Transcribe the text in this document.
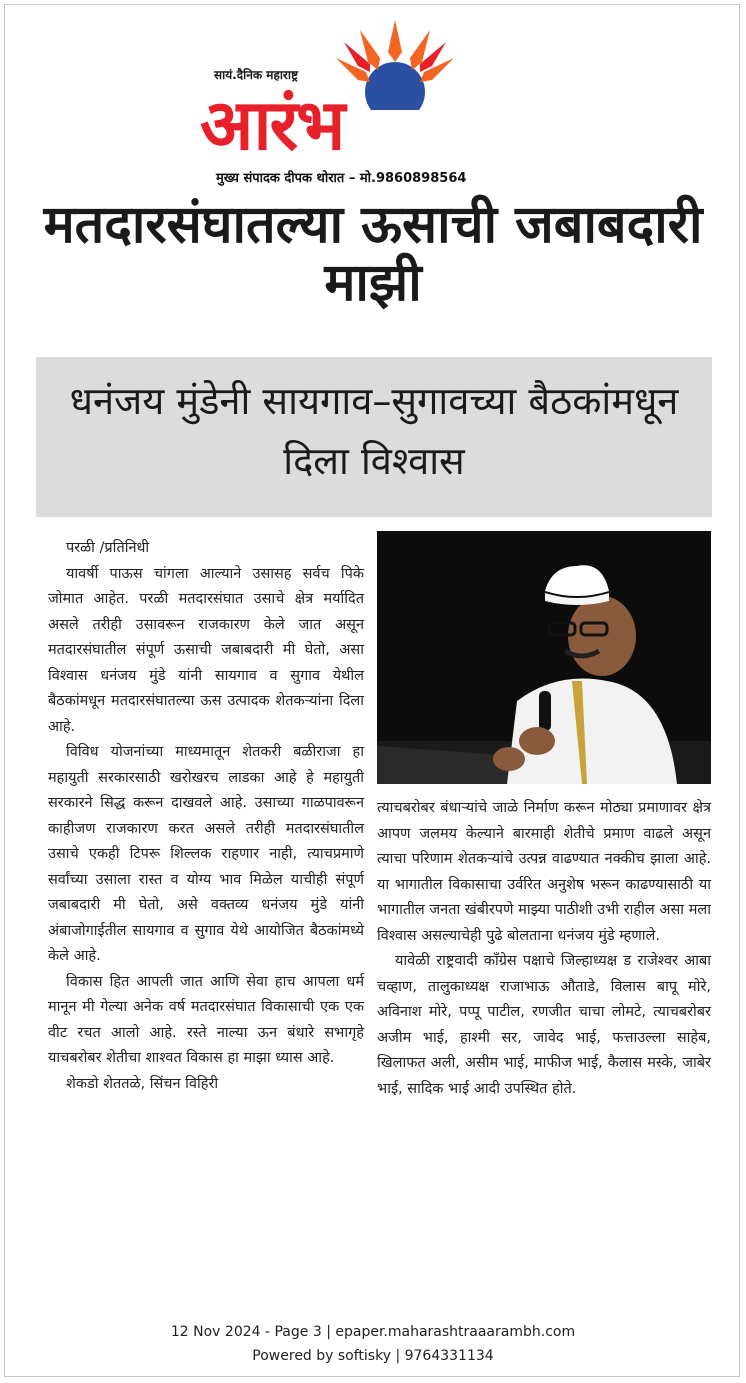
सायं.दैनिक महाराष्ट्र
आरंभ
मुख्य संपादक दीपक थोरात – मो.9860898564
मतदारसंघातल्या ऊसाची जबाबदारी माझी
धनंजय मुंडेनी सायगाव–सुगावच्या बैठकांमधून दिला विश्वास

परळी /प्रतिनिधी

यावर्षी पाऊस चांगला आल्याने उसासह सर्वच पिके जोमात आहेत. परळी मतदारसंघात उसाचे क्षेत्र मर्यादित असले तरीही उसावरून राजकारण केले जात असून मतदारसंघातील संपूर्ण ऊसाची जबाबदारी मी घेतो, असा विश्वास धनंजय मुंडे यांनी सायगाव व सुगाव येथील बैठकांमधून मतदारसंघातल्या ऊस उत्पादक शेतकऱ्यांना दिला आहे.

विविध योजनांच्या माध्यमातून शेतकरी बळीराजा हा महायुती सरकारसाठी खरोखरच लाडका आहे हे महायुती सरकारने सिद्ध करून दाखवले आहे. उसाच्या गाळपावरून काहीजण राजकारण करत असले तरीही मतदारसंघातील उसाचे एकही टिपरू शिल्लक राहणार नाही, त्याचप्रमाणे सर्वांच्या उसाला रास्त व योग्य भाव मिळेल याचीही संपूर्ण जबाबदारी मी घेतो, असे वक्तव्य धनंजय मुंडे यांनी अंबाजोगाईतील सायगाव व सुगाव येथे आयोजित बैठकांमध्ये केले आहे.

विकास हित आपली जात आणि सेवा हाच आपला धर्म मानून मी गेल्या अनेक वर्ष मतदारसंघात विकासाची एक एक वीट रचत आलो आहे. रस्ते नाल्या ऊन बंधारे सभागृहे याचबरोबर शेतीचा शाश्वत विकास हा माझा ध्यास आहे.

शेकडो शेततळे, सिंचन विहिरी

त्याचबरोबर बंधाऱ्यांचे जाळे निर्माण करून मोठ्या प्रमाणावर क्षेत्र आपण जलमय केल्याने बारमाही शेतीचे प्रमाण वाढले असून त्याचा परिणाम शेतकऱ्यांचे उत्पन्न वाढण्यात नक्कीच झाला आहे. या भागातील विकासाचा उर्वरित अनुशेष भरून काढण्यासाठी या भागातील जनता खंबीरपणे माझ्या पाठीशी उभी राहील असा मला विश्वास असल्याचेही पुढे बोलताना धनंजय मुंडे म्हणाले.

यावेळी राष्ट्रवादी काँग्रेस पक्षाचे जिल्हाध्यक्ष ड राजेश्वर आबा चव्हाण, तालुकाध्यक्ष राजाभाऊ औताडे, विलास बापू मोरे, अविनाश मोरे, पप्पू पाटील, रणजीत चाचा लोमटे, त्याचबरोबर अजीम भाई, हाश्मी सर, जावेद भाई, फत्ताउल्ला साहेब, खिलाफत अली, असीम भाई, माफीज भाई, कैलास मस्के, जाबेर भाई, सादिक भाई आदी उपस्थित होते.

12 Nov 2024 - Page 3 | epaper.maharashtraaarambh.com
Powered by softisky | 9764331134
